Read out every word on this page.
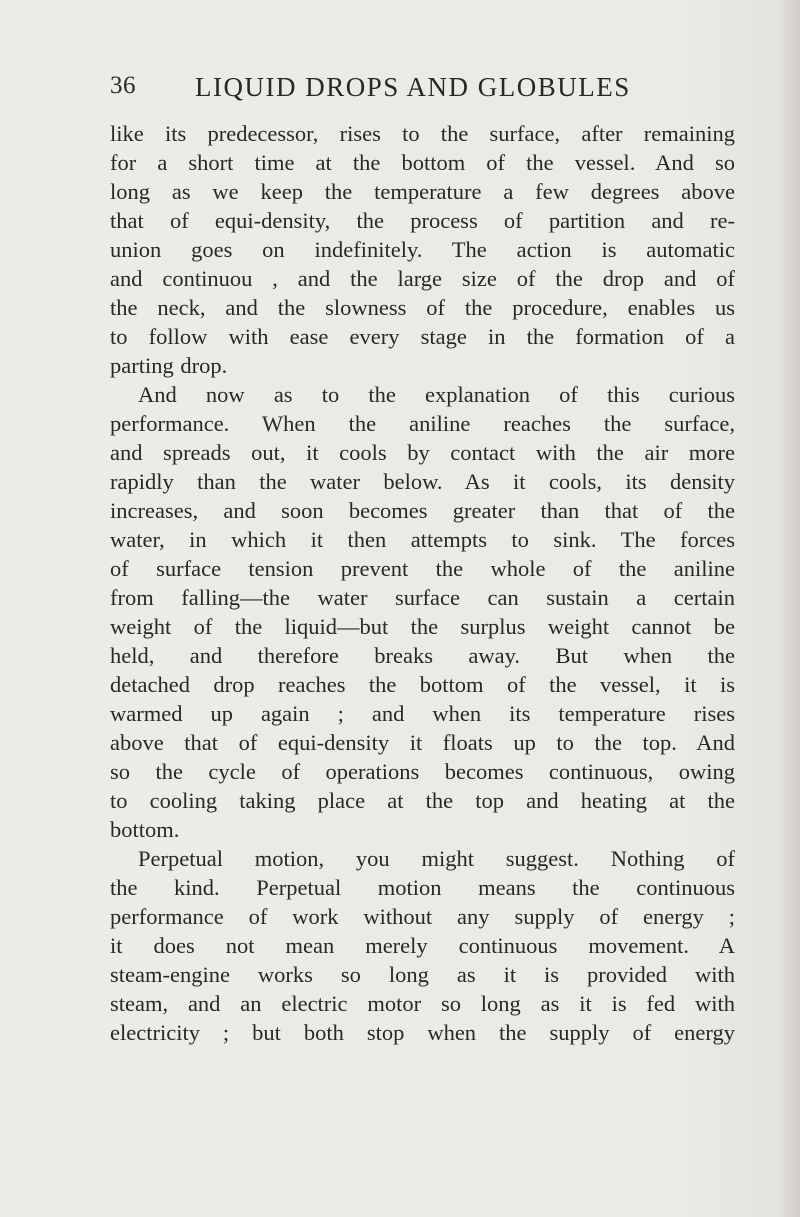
36 LIQUID DROPS AND GLOBULES
like its predecessor, rises to the surface, after remaining
for a short time at the bottom of the vessel. And so
long as we keep the temperature a few degrees above
that of equi-density, the process of partition and re-
union goes on indefinitely. The action is automatic
and continuou , and the large size of the drop and of
the neck, and the slowness of the procedure, enables us
to follow with ease every stage in the formation of a
parting drop.
And now as to the explanation of this curious
performance. When the aniline reaches the surface,
and spreads out, it cools by contact with the air more
rapidly than the water below. As it cools, its density
increases, and soon becomes greater than that of the
water, in which it then attempts to sink. The forces
of surface tension prevent the whole of the aniline
from falling—the water surface can sustain a certain
weight of the liquid—but the surplus weight cannot be
held, and therefore breaks away. But when the
detached drop reaches the bottom of the vessel, it is
warmed up again ; and when its temperature rises
above that of equi-density it floats up to the top. And
so the cycle of operations becomes continuous, owing
to cooling taking place at the top and heating at the
bottom.
Perpetual motion, you might suggest. Nothing of
the kind. Perpetual motion means the continuous
performance of work without any supply of energy ;
it does not mean merely continuous movement. A
steam-engine works so long as it is provided with
steam, and an electric motor so long as it is fed with
electricity ; but both stop when the supply of energy
